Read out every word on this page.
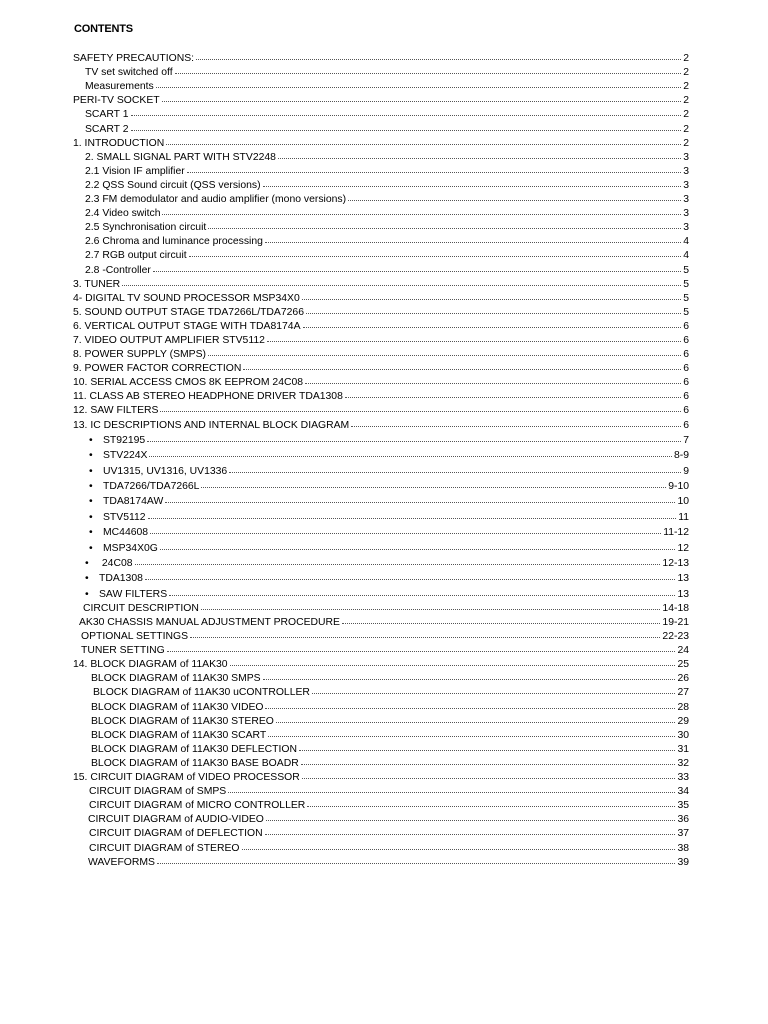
CONTENTS
SAFETY PRECAUTIONS:	2
TV set switched off	2
Measurements	2
PERI-TV SOCKET	2
SCART 1	2
SCART 2	2
1. INTRODUCTION	2
2. SMALL SIGNAL PART WITH STV2248	3
2.1 Vision IF amplifier	3
2.2 QSS Sound circuit (QSS versions)	3
2.3 FM demodulator and audio amplifier (mono versions)	3
2.4 Video switch	3
2.5 Synchronisation circuit	3
2.6 Chroma and luminance processing	4
2.7 RGB output circuit	4
2.8 -Controller	5
3. TUNER	5
4- DIGITAL TV SOUND PROCESSOR MSP34X0	5
5. SOUND OUTPUT STAGE TDA7266L/TDA7266	5
6. VERTICAL OUTPUT STAGE WITH TDA8174A	6
7. VIDEO OUTPUT AMPLIFIER STV5112	6
8. POWER SUPPLY (SMPS)	6
9. POWER FACTOR CORRECTION	6
10. SERIAL ACCESS CMOS 8K EEPROM 24C08	6
11. CLASS AB STEREO HEADPHONE DRIVER TDA1308	6
12. SAW FILTERS	6
13. IC DESCRIPTIONS AND INTERNAL BLOCK DIAGRAM	6
• ST92195	7
• STV224X	8-9
• UV1315, UV1316, UV1336	9
• TDA7266/TDA7266L	9-10
• TDA8174AW	10
• STV5112	11
• MC44608	11-12
• MSP34X0G	12
• 24C08	12-13
• TDA1308	13
• SAW FILTERS	13
CIRCUIT DESCRIPTION	14-18
AK30 CHASSIS MANUAL ADJUSTMENT PROCEDURE	19-21
OPTIONAL SETTINGS	22-23
TUNER SETTING	24
14. BLOCK DIAGRAM of 11AK30	25
BLOCK DIAGRAM of 11AK30 SMPS	26
BLOCK DIAGRAM of 11AK30 uCONTROLLER	27
BLOCK DIAGRAM of 11AK30 VIDEO	28
BLOCK DIAGRAM of 11AK30 STEREO	29
BLOCK DIAGRAM of 11AK30 SCART	30
BLOCK DIAGRAM of 11AK30 DEFLECTION	31
BLOCK DIAGRAM of 11AK30 BASE BOADR	32
15. CIRCUIT DIAGRAM of VIDEO PROCESSOR	33
CIRCUIT DIAGRAM of SMPS	34
CIRCUIT DIAGRAM of MICRO CONTROLLER	35
CIRCUIT DIAGRAM of AUDIO-VIDEO	36
CIRCUIT DIAGRAM of DEFLECTION	37
CIRCUIT DIAGRAM of STEREO	38
WAVEFORMS	39
